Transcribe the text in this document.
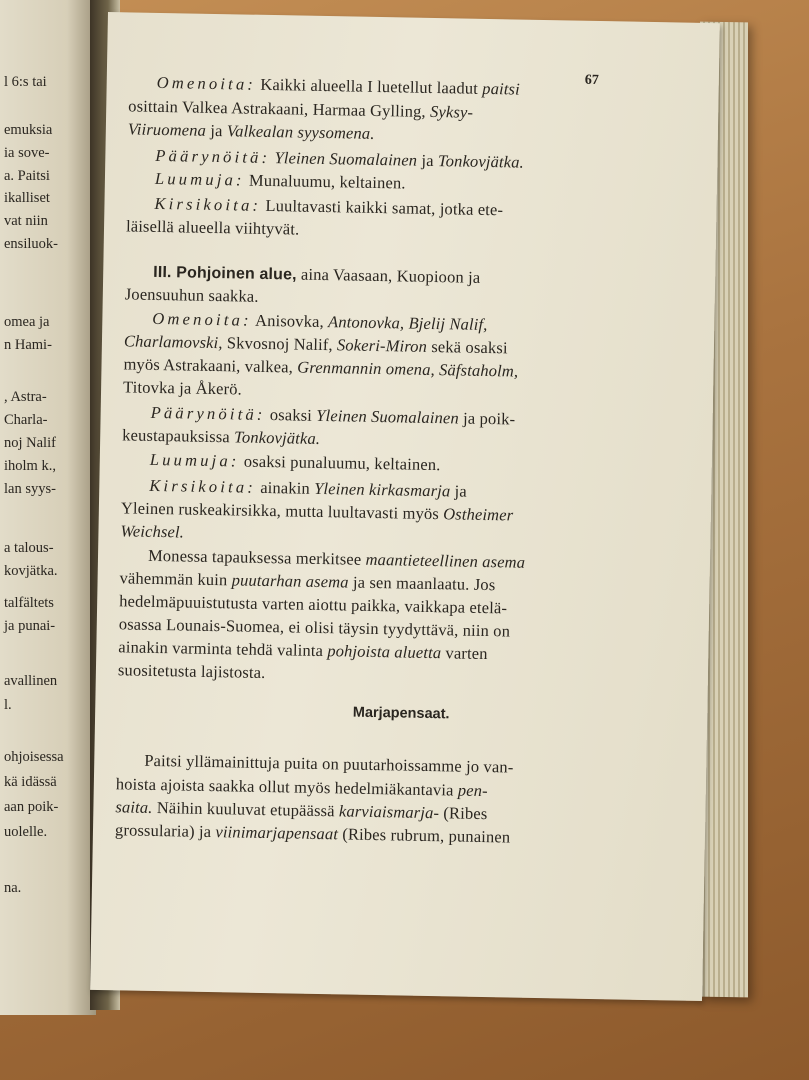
l 6:s tai
emuksia
ia sove-
a. Paitsi
ikalliset
vat niin
ensiluok-
omea ja
n Hami-
, Astra-
Charla-
noj Nalif
iholm k.,
lan syys-
a talous-
kovjätka.
talfältets
ja punai-
avallinen
l.
ohjoisessa
kä idässä
aan poik-
uolelle.
na.
67
Marjapensaat.
Omenoita: Kaikki alueella I luetellut laadut paitsi
osittain Valkea Astrakaani, Harmaa Gylling, Syksy-
Viiruomena ja Valkealan syysomena.
Päärynöitä: Yleinen Suomalainen ja Tonkovjätka.
Luumuja: Munaluumu, keltainen.
Kirsikoita: Luultavasti kaikki samat, jotka ete-
läisellä alueella viihtyvät.
III. Pohjoinen alue, aina Vaasaan, Kuopioon ja
Joensuuhun saakka.
Omenoita: Anisovka, Antonovka, Bjelij Nalif,
Charlamovski, Skvosnoj Nalif, Sokeri-Miron sekä osaksi
myös Astrakaani, valkea, Grenmannin omena, Säfstaholm,
Titovka ja Åkerö.
Päärynöitä: osaksi Yleinen Suomalainen ja poik-
keustapauksissa Tonkovjätka.
Luumuja: osaksi punaluumu, keltainen.
Kirsikoita: ainakin Yleinen kirkasmarja ja
Yleinen ruskeakirsikka, mutta luultavasti myös Ostheimer
Weichsel.
Monessa tapauksessa merkitsee maantieteellinen asema
vähemmän kuin puutarhan asema ja sen maanlaatu. Jos
hedelmäpuuistutusta varten aiottu paikka, vaikkapa etelä-
osassa Lounais-Suomea, ei olisi täysin tyydyttävä, niin on
ainakin varminta tehdä valinta pohjoista aluetta varten
suositetusta lajistosta.
Paitsi yllämainittuja puita on puutarhoissamme jo van-
hoista ajoista saakka ollut myös hedelmiäkantavia pen-
saita. Näihin kuuluvat etupäässä karviaismarja- (Ribes
grossularia) ja viinimarjapensaat (Ribes rubrum, punainen
